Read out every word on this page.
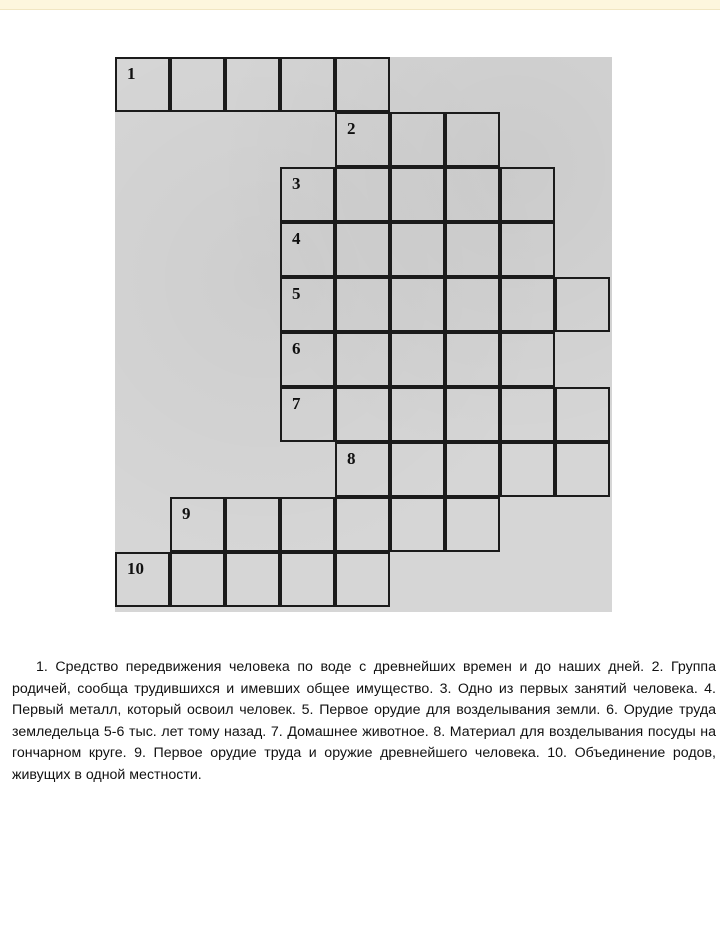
1
2
3
4
5
6
7
8
9
10

1. Средство передвижения человека по воде с древнейших времен и до наших дней. 2. Группа родичей, сообща трудившихся и имевших общее имущество. 3. Одно из первых занятий человека. 4. Первый металл, который освоил человек. 5. Первое орудие для возделывания земли. 6. Орудие труда земледельца 5-6 тыс. лет тому назад. 7. Домашнее животное. 8. Материал для возделывания посуды на гончарном круге. 9. Первое орудие труда и оружие древнейшего человека. 10. Объединение родов, живущих в одной местности.
